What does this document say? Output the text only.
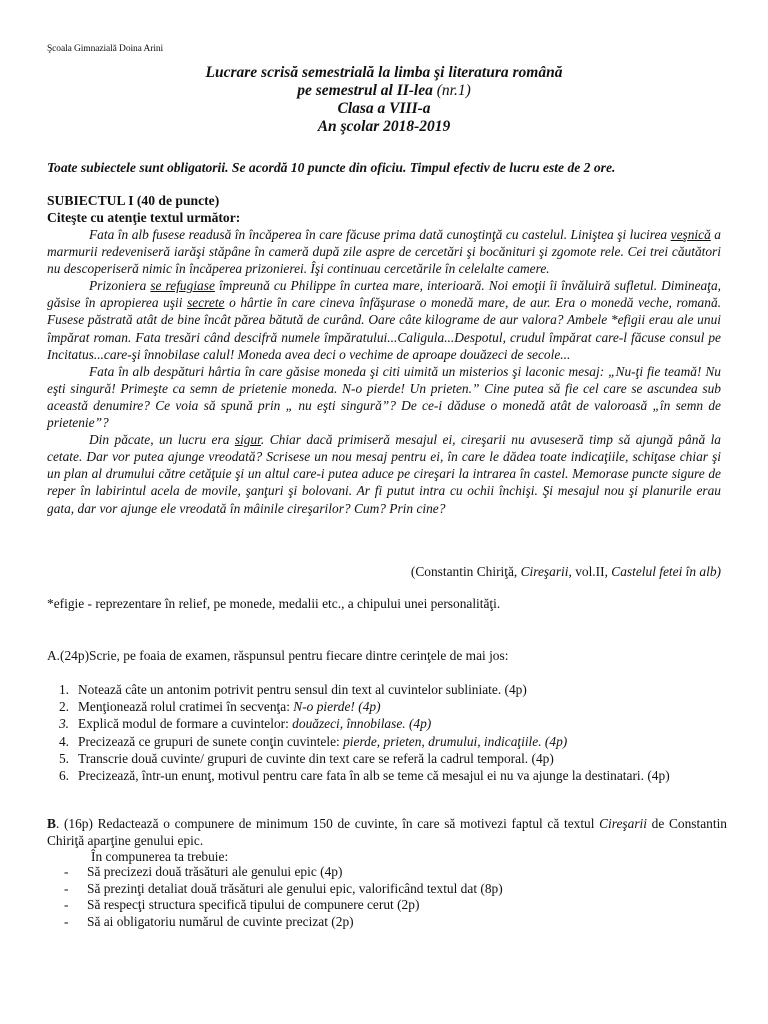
Şcoala Gimnazială Doina Arini
Lucrare scrisă semestrială la limba şi literatura română
pe semestrul al II-lea (nr.1)
Clasa a VIII-a
An şcolar 2018-2019
Toate subiectele sunt obligatorii. Se acordă 10 puncte din oficiu. Timpul efectiv de lucru este de 2 ore.
SUBIECTUL I (40 de puncte)
Citeşte cu atenţie textul următor:

Fata în alb fusese readusă în încăperea în care făcuse prima dată cunoştinţă cu castelul. Liniştea şi lucirea veşnică a marmurii redeveniseră iarăşi stăpâne în cameră după zile aspre de cercetări şi bocănituri şi zgomote rele. Cei trei căutători nu descoperiseră nimic în încăperea prizonierei. Îşi continuau cercetările în celelalte camere.

Prizoniera se refugiase împreună cu Philippe în curtea mare, interioară. Noi emoţii îi învăluiră sufletul. Dimineaţa, găsise în apropierea uşii secrete o hârtie în care cineva înfăşurase o monedă mare, de aur. Era o monedă veche, romană. Fusese păstrată atât de bine încât părea bătută de curând. Oare câte kilograme de aur valora? Ambele *efigii erau ale unui împărat roman. Fata tresări când descifră numele împăratului...Caligula...Despotul, crudul împărat care-l făcuse consul pe Incitatus...care-şi înnobilase calul! Moneda avea deci o vechime de aproape douăzeci de secole...

Fata în alb despături hârtia în care găsise moneda şi citi uimită un misterios şi laconic mesaj: „Nu-ţi fie teamă! Nu eşti singură! Primeşte ca semn de prietenie moneda. N-o pierde! Un prieten.” Cine putea să fie cel care se ascundea sub această denumire? Ce voia să spună prin „ nu eşti singură”? De ce-i dăduse o monedă atât de valoroasă „în semn de prietenie”?

Din păcate, un lucru era sigur. Chiar dacă primiseră mesajul ei, cireşarii nu avuseseră timp să ajungă până la cetate. Dar vor putea ajunge vreodată? Scrisese un nou mesaj pentru ei, în care le dădea toate indicaţiile, schiţase chiar şi un plan al drumului către cetăţuie şi un altul care-i putea aduce pe cireşari la intrarea în castel. Memorase puncte sigure de reper în labirintul acela de movile, şanţuri şi bolovani. Ar fi putut intra cu ochii închişi. Şi mesajul nou şi planurile erau gata, dar vor ajunge ele vreodată în mâinile cireşarilor? Cum? Prin cine?

(Constantin Chiriţă, Cireşarii, vol.II, Castelul fetei în alb)
*efigie - reprezentare în relief, pe monede, medalii etc., a chipului unei personalităţi.
A.(24p)Scrie, pe foaia de examen, răspunsul pentru fiecare dintre cerinţele de mai jos:
1. Notează câte un antonim potrivit pentru sensul din text al cuvintelor subliniate. (4p)
2. Menţionează rolul cratimei în secvenţa: N-o pierde! (4p)
3. Explică modul de formare a cuvintelor: douăzeci, înnobilase. (4p)
4. Precizează ce grupuri de sunete conţin cuvintele: pierde, prieten, drumului, indicaţiile. (4p)
5. Transcrie două cuvinte/ grupuri de cuvinte din text care se referă la cadrul temporal. (4p)
6. Precizează, într-un enunţ, motivul pentru care fata în alb se teme că mesajul ei nu va ajunge la destinatari. (4p)
B. (16p) Redactează o compunere de minimum 150 de cuvinte, în care să motivezi faptul că textul Cireşarii de Constantin Chiriţă aparţine genului epic.
În compunerea ta trebuie:
- Să precizezi două trăsături ale genului epic (4p)
- Să prezinţi detaliat două trăsături ale genului epic, valorificând textul dat (8p)
- Să respecţi structura specifică tipului de compunere cerut (2p)
- Să ai obligatoriu numărul de cuvinte precizat (2p)
